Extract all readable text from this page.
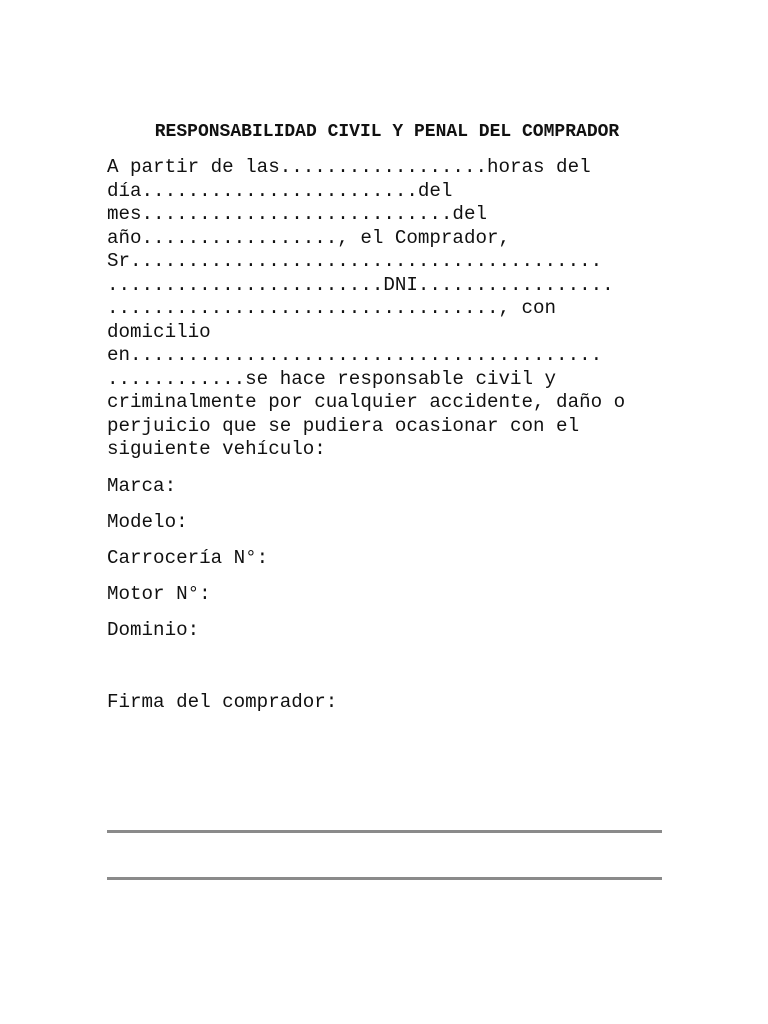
RESPONSABILIDAD CIVIL Y PENAL DEL COMPRADOR
A partir de las..................horas del
día........................del
mes...........................del
año................., el Comprador,
Sr.........................................
........................DNI.................
.................................., con
domicilio
en.........................................
............se hace responsable civil y
criminalmente por cualquier accidente, daño o
perjuicio que se pudiera ocasionar con el
siguiente vehículo:
Marca:
Modelo:
Carrocería N°:
Motor N°:
Dominio:
Firma del comprador:
